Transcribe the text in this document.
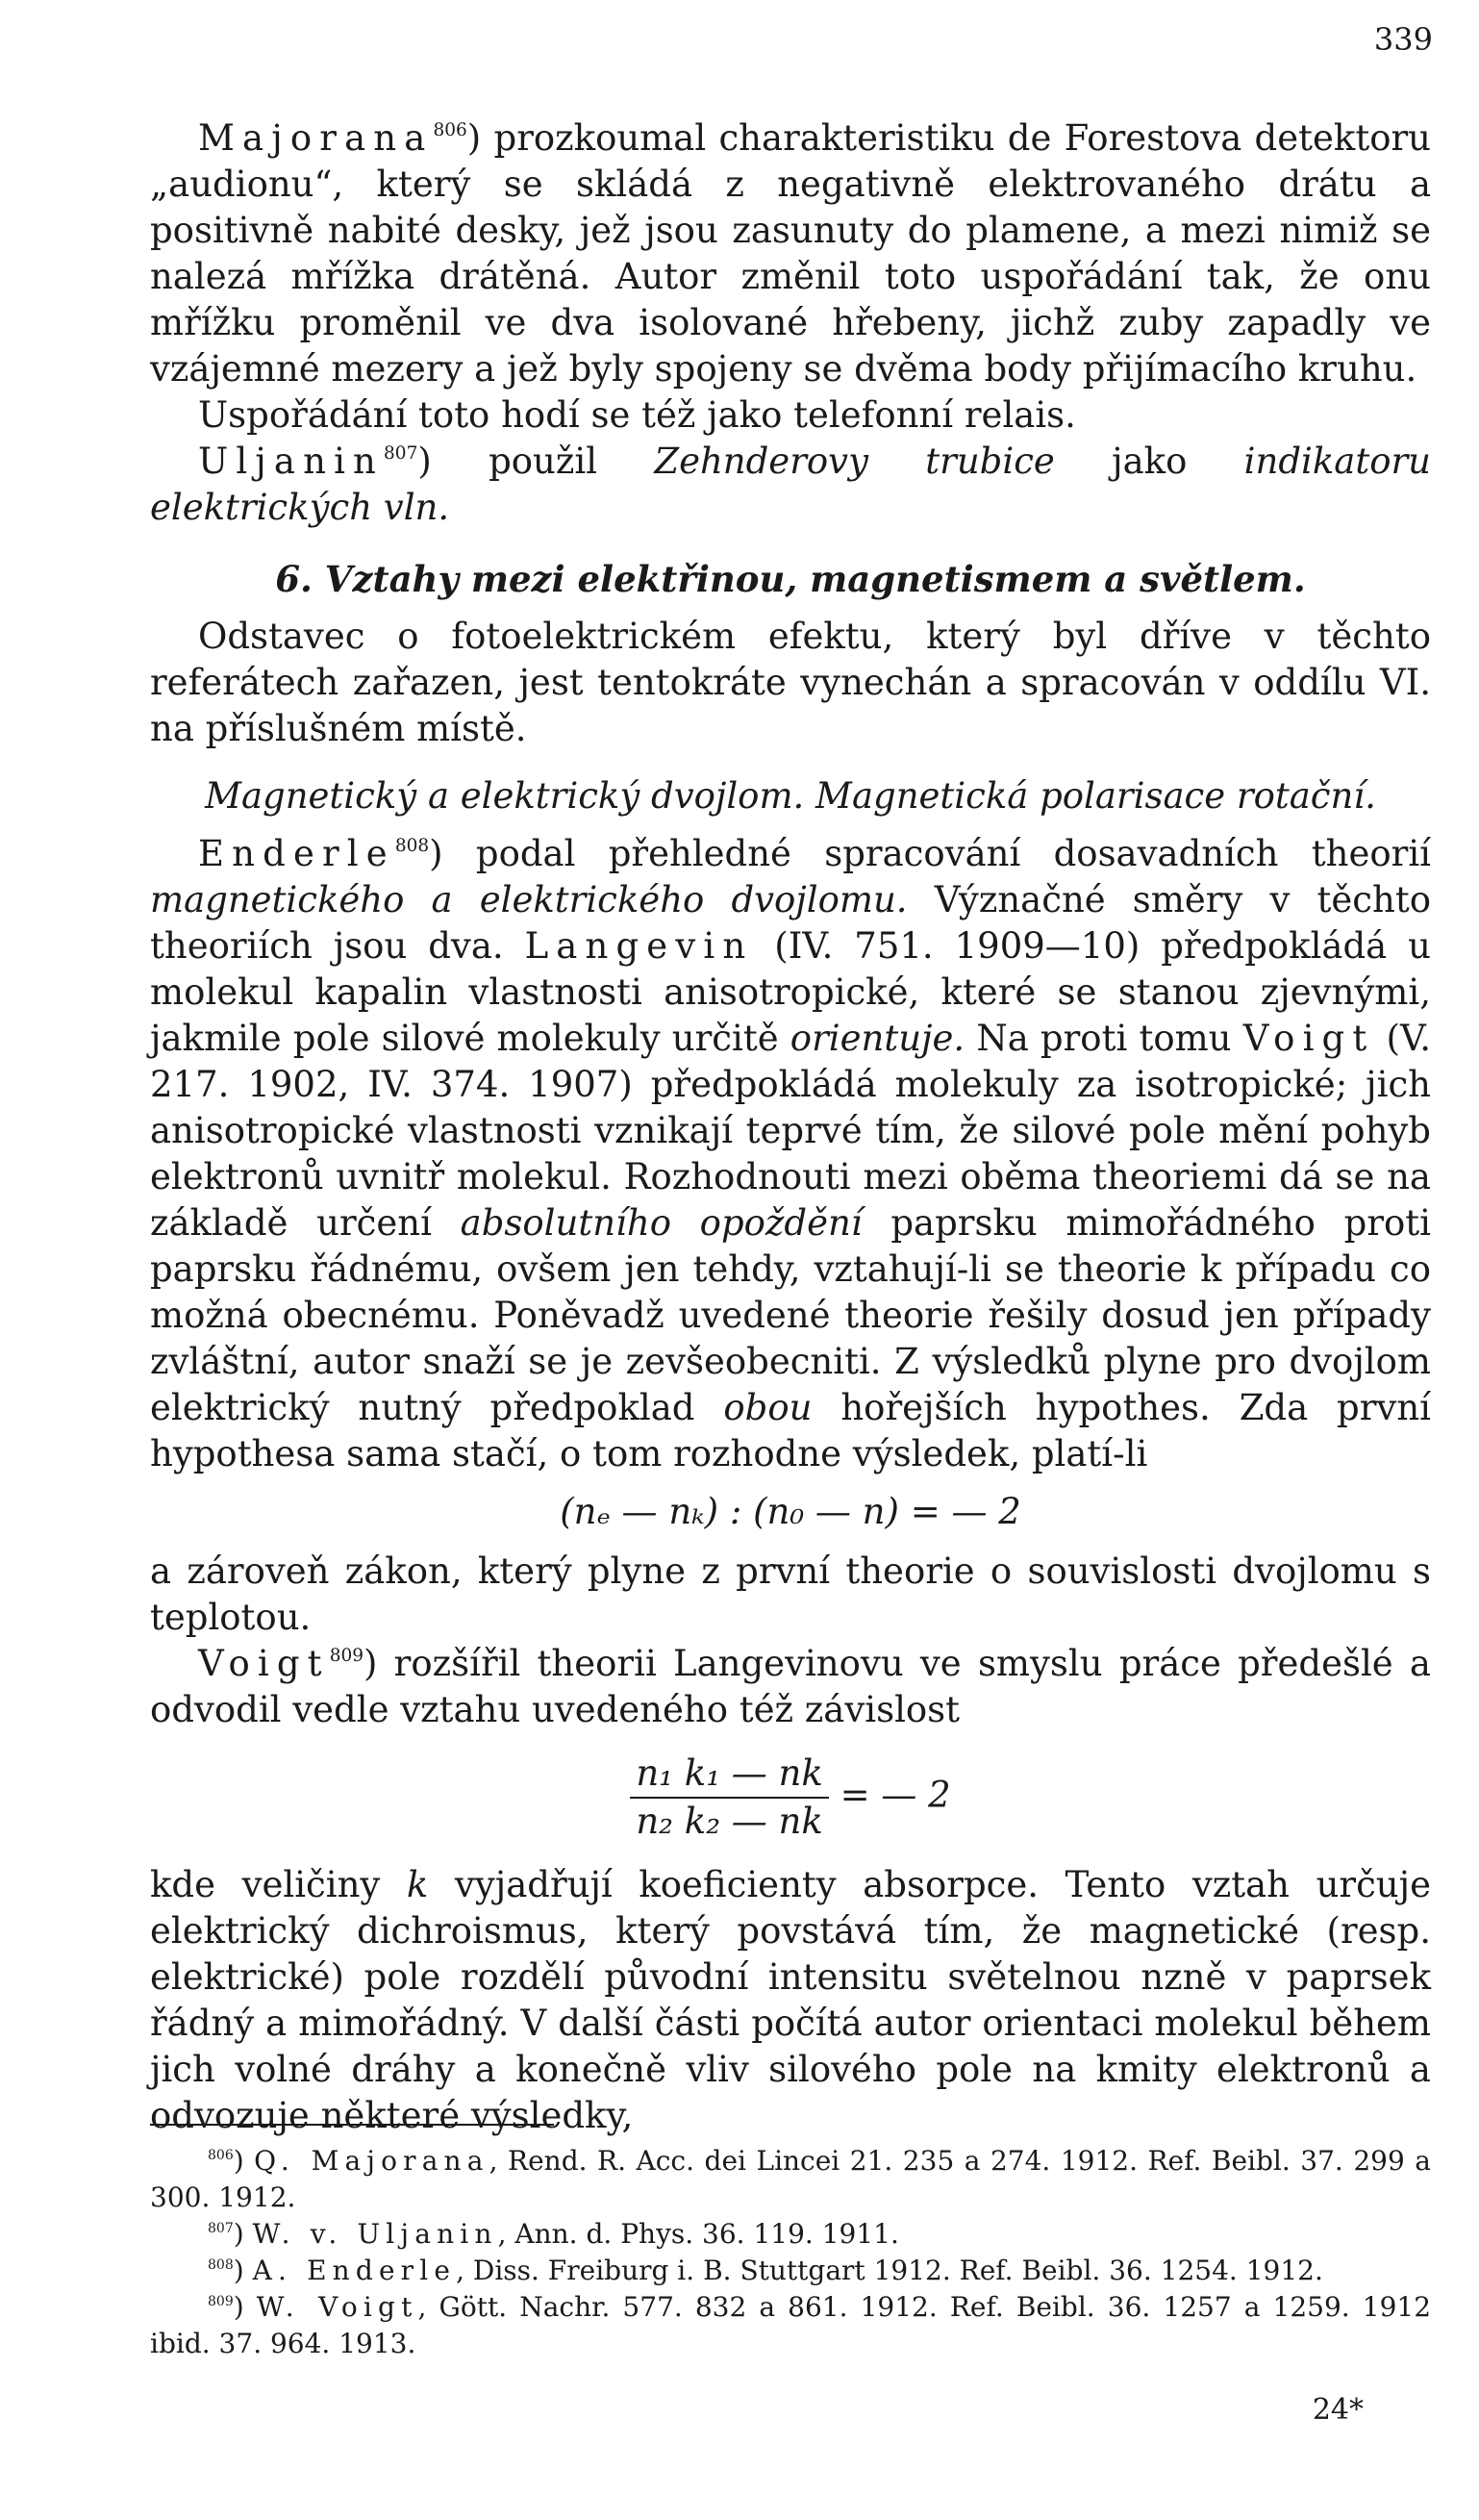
339

Majorana$^{806}$) prozkoumal charakteristiku de Forestova detektoru „audionu“, který se skládá z negativně elektrovaného drátu a positivně nabité desky, jež jsou zasunuty do plamene, a mezi nimiž se nalezá mřížka drátěná. Autor změnil toto uspořádání tak, že onu mřížku proměnil ve dva isolované hřebeny, jichž zuby zapadly ve vzájemné mezery a jež byly spojeny se dvěma body přijímacího kruhu.

Uspořádání toto hodí se též jako telefonní relais.

Uljanin$^{807}$) použil Zehnderovy trubice jako indikatoru elektrických vln.

6. Vztahy mezi elektřinou, magnetismem a světlem.

Odstavec o fotoelektrickém efektu, který byl dříve v těchto referátech zařazen, jest tentokráte vynechán a spracován v oddílu VI. na příslušném místě.

Magnetický a elektrický dvojlom. Magnetická polarisace rotační.

Enderle$^{808}$) podal přehledné spracování dosavadních theorií magnetického a elektrického dvojlomu. Význačné směry v těchto theoriích jsou dva. Langevin (IV. 751. 1909—10) předpokládá u molekul kapalin vlastnosti anisotropické, které se stanou zjevnými, jakmile pole silové molekuly určitě orientuje. Na proti tomu Voigt (V. 217. 1902, IV. 374. 1907) předpokládá molekuly za isotropické; jich anisotropické vlastnosti vznikají teprvé tím, že silové pole mění pohyb elektronů uvnitř molekul. Rozhodnouti mezi oběma theoriemi dá se na základě určení absolutního opoždění paprsku mimořádného proti paprsku řádnému, ovšem jen tehdy, vztahují-li se theorie k případu co možná obecnému. Poněvadž uvedené theorie řešily dosud jen případy zvláštní, autor snaží se je zevšeobecniti. Z výsledků plyne pro dvojlom elektrický nutný předpoklad obou hořejších hypothes. Zda první hypothesa sama stačí, o tom rozhodne výsledek, platí-li

(nₑ — nₖ) : (n₀ — n) = — 2

a zároveň zákon, který plyne z první theorie o souvislosti dvojlomu s teplotou.

Voigt$^{809}$) rozšířil theorii Langevinovu ve smyslu práce předešlé a odvodil vedle vztahu uvedeného též závislost

$\frac{\text{n₁ k₁ — nk}}{\text{n₂ k₂ — nk}}$ = — 2

kde veličiny k vyjadřují koeficienty absorpce. Tento vztah určuje elektrický dichroismus, který povstává tím, že magnetické (resp. elektrické) pole rozdělí původní intensitu světelnou nzně v paprsek řádný a mimořádný. V další části počítá autor orientaci molekul během jich volné dráhy a konečně vliv silového pole na kmity elektronů a odvozuje některé výsledky,

$^{806}$) Q. Majorana, Rend. R. Acc. dei Lincei 21. 235 a 274. 1912. Ref. Beibl. 37. 299 a 300. 1912.

$^{807}$) W. v. Uljanin, Ann. d. Phys. 36. 119. 1911.

$^{808}$) A. Enderle, Diss. Freiburg i. B. Stuttgart 1912. Ref. Beibl. 36. 1254. 1912.

$^{809}$) W. Voigt, Gött. Nachr. 577. 832 a 861. 1912. Ref. Beibl. 36. 1257 a 1259. 1912 ibid. 37. 964. 1913.

24*
